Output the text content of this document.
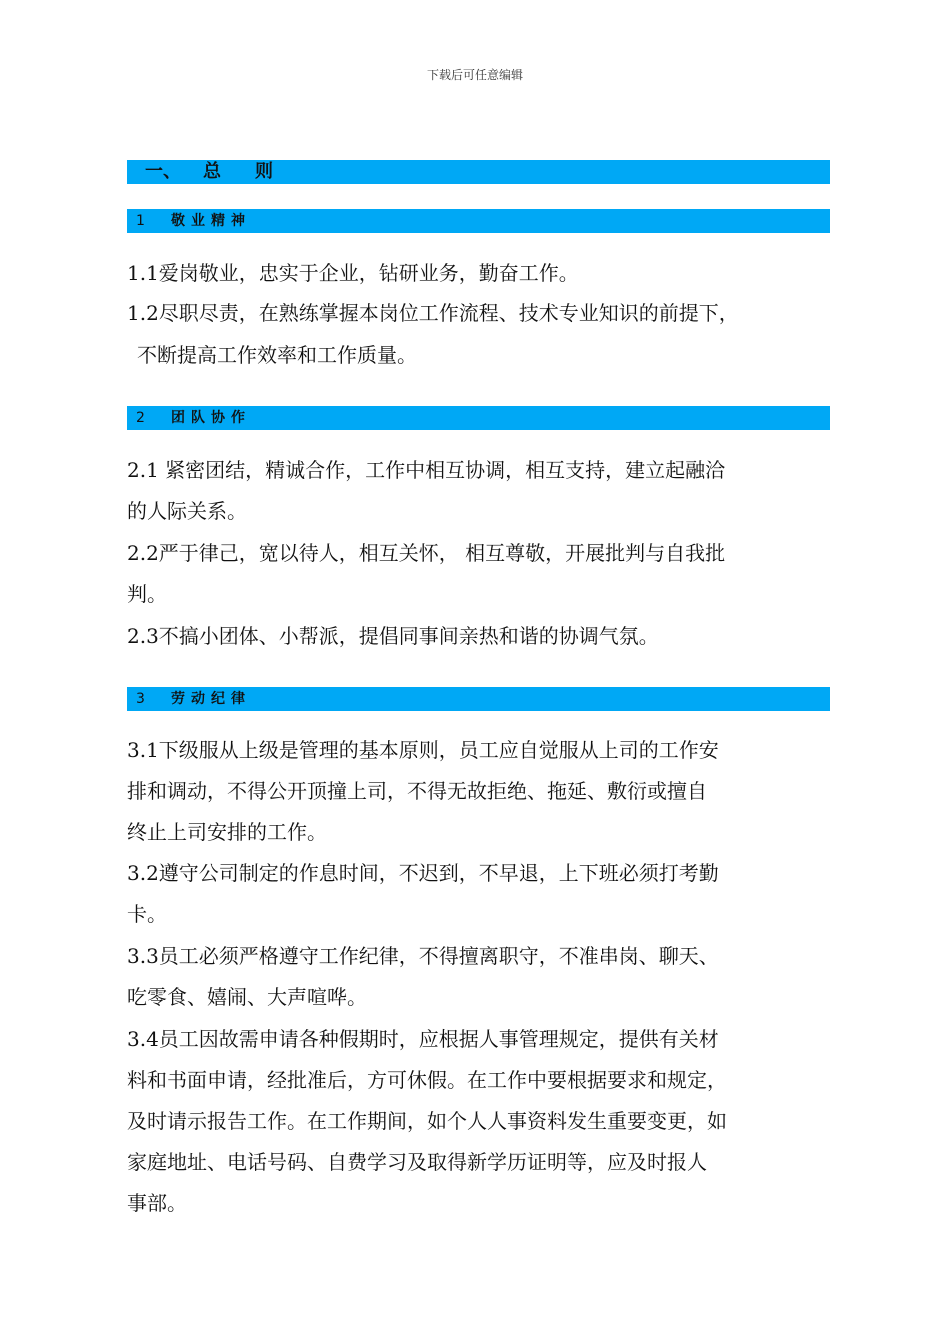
下载后可任意编辑
一、 总 则
1 敬业精神
1.1爱岗敬业，忠实于企业，钻研业务，勤奋工作。
1.2尽职尽责，在熟练掌握本岗位工作流程、技术专业知识的前提下，
不断提高工作效率和工作质量。
2 团队协作
2.1 紧密团结，精诚合作，工作中相互协调，相互支持，建立起融洽
的人际关系。
2.2严于律己，宽以待人，相互关怀， 相互尊敬，开展批判与自我批
判。
2.3不搞小团体、小帮派，提倡同事间亲热和谐的协调气氛。
3 劳动纪律
3.1下级服从上级是管理的基本原则，员工应自觉服从上司的工作安
排和调动，不得公开顶撞上司，不得无故拒绝、拖延、敷衍或擅自
终止上司安排的工作。
3.2遵守公司制定的作息时间，不迟到，不早退，上下班必须打考勤
卡。
3.3员工必须严格遵守工作纪律，不得擅离职守，不准串岗、聊天、
吃零食、嬉闹、大声喧哗。
3.4员工因故需申请各种假期时，应根据人事管理规定，提供有关材
料和书面申请，经批准后，方可休假。在工作中要根据要求和规定，
及时请示报告工作。在工作期间，如个人人事资料发生重要变更，如
家庭地址、电话号码、自费学习及取得新学历证明等，应及时报人
事部。
